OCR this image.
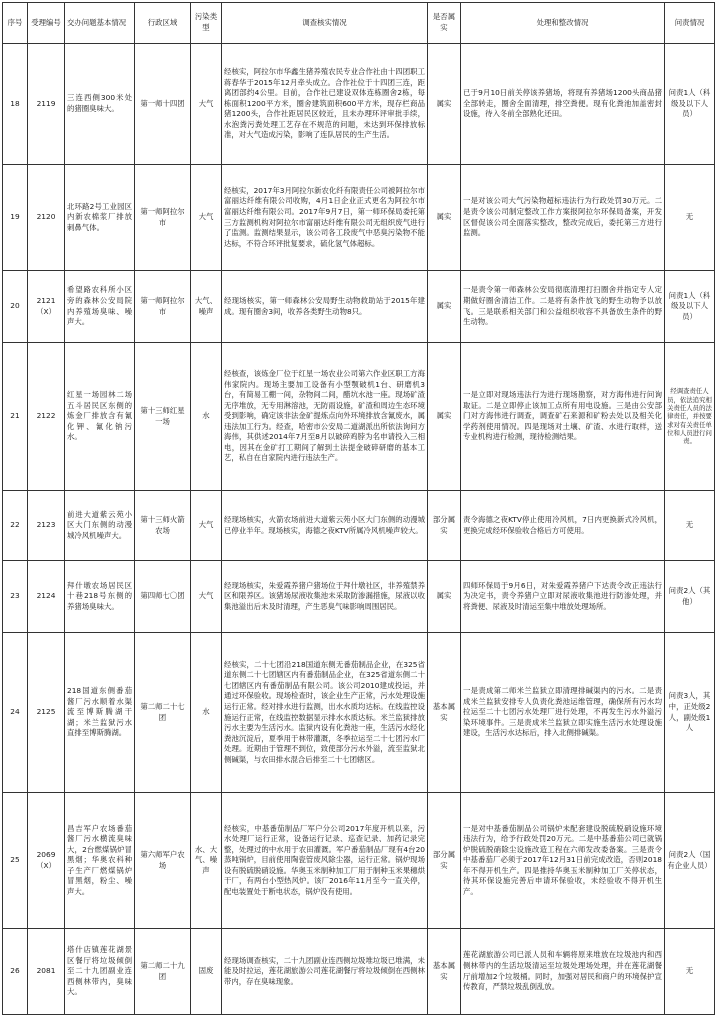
序号	受理编号	交办问题基本情况	行政区域	污染类型	调查核实情况	是否属实	处理和整改情况	问责情况
18	2119	三连西侧300米处的猪圈臭味大。	第一师十四团	大气	经核实，阿拉尔市华鑫生猪养殖农民专业合作社由十四团职工蒋春华于2015年12月牵头成立。合作社位于十四团三连，距离团部约4公里。目前，合作社已建设双体连栋圈舍2栋，每栋面积1200平方米，圈舍建筑面积600平方米，现存栏商品猪1200头，合作社距居民区较近，且未办理环评审批手续，水泡粪污粪处理工艺存在不规范的问题，未达到环保排放标准，对大气造成污染，影响了连队居民的生产生活。	属实	已于9月10日前关停该养猪场，将现有养猪场1200头商品猪全部转走，圈舍全面清理，排空粪便。现有化粪池加盖密封设施，待入冬前全部熟化还田。	问责1人（科级及以下人员）
19	2120	北环路2号工业园区内新农棉浆厂排放刺鼻气体。	第一师阿拉尔市	大气	经核实，2017年3月阿拉尔新农化纤有限责任公司被阿拉尔市富丽达纤维有限公司收购，4月1日企业正式更名为阿拉尔市富丽达纤维有限公司。2017年9月7日，第一师环保局委托第三方监测机构对阿拉尔市富丽达纤维有限公司无组织废气进行了监测。监测结果显示，该公司各工段废气中恶臭污染物不能达标，不符合环评批复要求，硫化氢气体超标。	属实	一是对该公司大气污染物超标违法行为行政处罚30万元。二是责令该公司制定整改工作方案报阿拉尔环保局备案，开发区督促该公司全面落实整改，整改完成后，委托第三方进行监测。	无
20	2121（X）	希望路农科所小区旁的森林公安局院内养殖场臭味、噪声大。	第一师阿拉尔市	大气、噪声	经现场核实，第一师森林公安局野生动物救助站于2015年建成。现有圈舍3间，收养各类野生动物8只。	属实	一是责令第一师森林公安局彻底清理打扫圈舍并指定专人定期做好圈舍清洁工作。二是将有条件放飞的野生动物予以放飞。三是联系相关部门和公益组织收容不具备放生条件的野生动物。	问责1人（科级及以下人员）
21	2122	红星一场园林二场五斗居民区东侧的炼金厂排放含有氰化钾、氰化钠污水。	第十三师红星一场	水	经核查，该炼金厂位于红星一场农业公司第六作业区职工方海伟家院内。现场主要加工设备有小型颚破机1台、研磨机3台，有简易工棚一间，杂物间二间，醋坑水池一座。现场矿渣无序堆放，无专用淋溶池，无防雨设施，矿渣和周边生态环境受到影响，确定该非法金矿提炼点向外环境排放含氰废水，属违法加工行为。经查，哈密市公安局二道湖派出所依法询问方海伟，其供述2014年7月至8月以破碎鸡脖为名申请投入三相电，因其在金矿打工期间了解到土法提金破碎研磨的基本工艺，私自在自家院内进行违法生产。	属实	一是立即对现场违法行为进行现场勘察，对方海伟进行问询取证。二是立即停止该加工点所有用电设施。三是由公安部门对方海伟进行调查，调查矿石来源和矿粉去处以及相关化学药剂使用情况。四是现场对土壤、矿渣、水进行取样，送专业机构进行检测，现待检测结果。	经调查责任人员，依法追究相关责任人员的法律责任，并按要求对有关责任单位和人员进行问责。
22	2123	前进大道紫云苑小区大门东侧的动漫城冷风机噪声大。	第十三师火箭农场	大气	经现场核实，火箭农场前进大道紫云苑小区大门东侧的动漫城已停业半年。现场核实，海德之夜KTV所属冷风机噪声较大。	部分属实	责令海德之夜KTV停止使用冷风机，7日内更换新式冷风机，更换完成经环保验收合格后方可使用。	无
23	2124	拜什墩农场居民区十巷218号东侧的养猪场臭味大。	第四师七〇团	大气	经现场核实，朱爱霞养猪户猪场位于拜什墩社区，非养殖禁养区和限养区。该猪场尿液收集池未采取防渗漏措施，尿液以收集池溢出后未及时清理，产生恶臭气味影响周围居民。	属实	四师环保局于9月6日，对朱爱霞养猪户下达责令改正违法行为决定书，责令养猪户立即对尿液收集池进行防渗处理，并将粪便、尿液及时清运至集中堆放处理场所。	问责2人（其他）
24	2125	218国道东侧番茄酱厂污水顺着水渠流至博斯腾湖干湖；米兰监狱污水直排至博斯腾湖。	第二师二十七团	水	经核实，二十七团沿218国道东侧无番茄制品企业，在325省道东侧二十七团辖区内有番茄制品企业，在325省道东侧二十七团辖区内有番茄制品有限公司。该公司2010建成投运，并通过环保验收。现场检查时，该企业生产正常，污水处理设施运行正常。经对排水进行监测，出水水质均达标。在线监控设施运行正常，在线监控数据显示排水水质达标。米兰监狱排放污水主要为生活污水。监狱内设有化粪池一座，生活污水经化粪池沉淀后，夏季用于林带灌溉，冬季拉运至二十七团污水厂处理。近期由于管理不到位，致使部分污水外溢，流至监狱北侧碱渠，与农田排水混合后排至二十七团辖区。	基本属实	一是责成第二师米兰监狱立即清理排碱渠内的污水。二是责成米兰监狱安排专人负责化粪池运维管理，确保所有污水均拉运至二十七团污水处理厂进行处理，不再发生污水外溢污染环境事件。三是责成米兰监狱立即实施生活污水处理设施建设，生活污水达标后，排入北侧排碱渠。	问责3人，其中，正处级2人，副处级1人
25	2069（X）	昌吉军户农场番茄酱厂污水横流臭味大，2台燃煤锅炉冒黑烟；华奥农科种子生产厂燃煤锅炉冒黑烟，粉尘、噪声大。	第六师军户农场	水、大气、噪声	经核实，中基番茄制品厂军户分公司2017年度开机以来，污水处理厂运行正常，设备运行记录、巡查记录、加药记录完整，处理过的中水用于农田灌溉。军户番茄制品厂现有4台20蒸吨锅炉，目前使用陶瓷管废风除尘器，运行正常。锅炉现场设有脱硫脱硝设施。华奥玉米制种加工厂用于制种玉米果穗烘干厂，有两台小型热风炉。该厂2016年11月至今一直关停，配电装置处于断电状态，锅炉没有使用。	部分属实	一是对中基番茄制品公司锅炉未配套建设脱硫脱硝设施环境违法行为，给予行政处罚20万元。二是中基番茄公司已就锅炉脱硫脱硝除尘设施改造工程在六师发改委备案。三是责令中基番茄厂必须于2017年12月31日前完成改造，否则2018年不得开机生产。四是推持华奥玉米制种加工厂关停状态，待其环保设施完善后申请环保验收，未经验收不得开机生产。	问责2人（国有企业人员）
26	2081	塔什店镇莲花湖景区餐厅将垃圾倾倒至二十九团副业连西侧林带内，臭味大。	第二师二十九团	固废	经现场调查核实，二十九团副业连西侧垃圾堆垃圾已堆满，未能及时拉运，莲花湖旅游公司莲花湖餐厅将垃圾倾倒在西侧林带内，存在臭味现象。	基本属实	莲花湖旅游公司已派人员和车辆将原来堆放在垃圾池内和西侧林带内的生活垃圾清运至垃圾处理场处理，并在莲花湖餐厅前增加2个垃圾桶。同时，加强对居民和商户的环境保护宣传教育，严禁垃圾乱倒乱放。	无
